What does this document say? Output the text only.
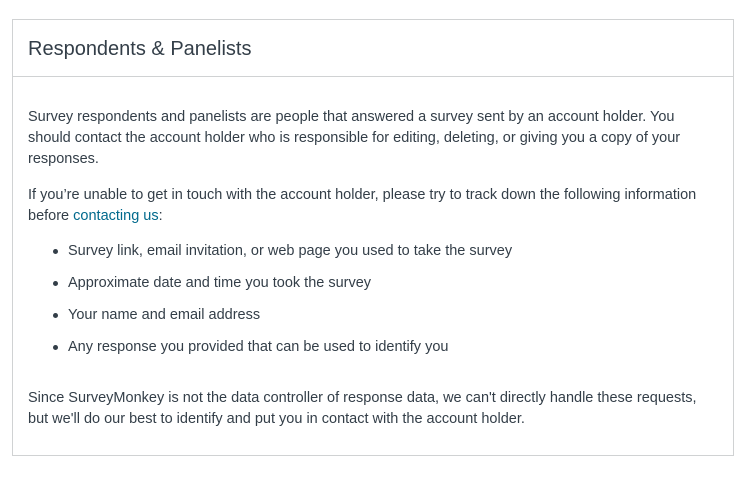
Respondents & Panelists

Survey respondents and panelists are people that answered a survey sent by an account holder. You should contact the account holder who is responsible for editing, deleting, or giving you a copy of your responses.

If you’re unable to get in touch with the account holder, please try to track down the following information before contacting us:

Survey link, email invitation, or web page you used to take the survey
Approximate date and time you took the survey
Your name and email address
Any response you provided that can be used to identify you

Since SurveyMonkey is not the data controller of response data, we can't directly handle these requests, but we'll do our best to identify and put you in contact with the account holder.
